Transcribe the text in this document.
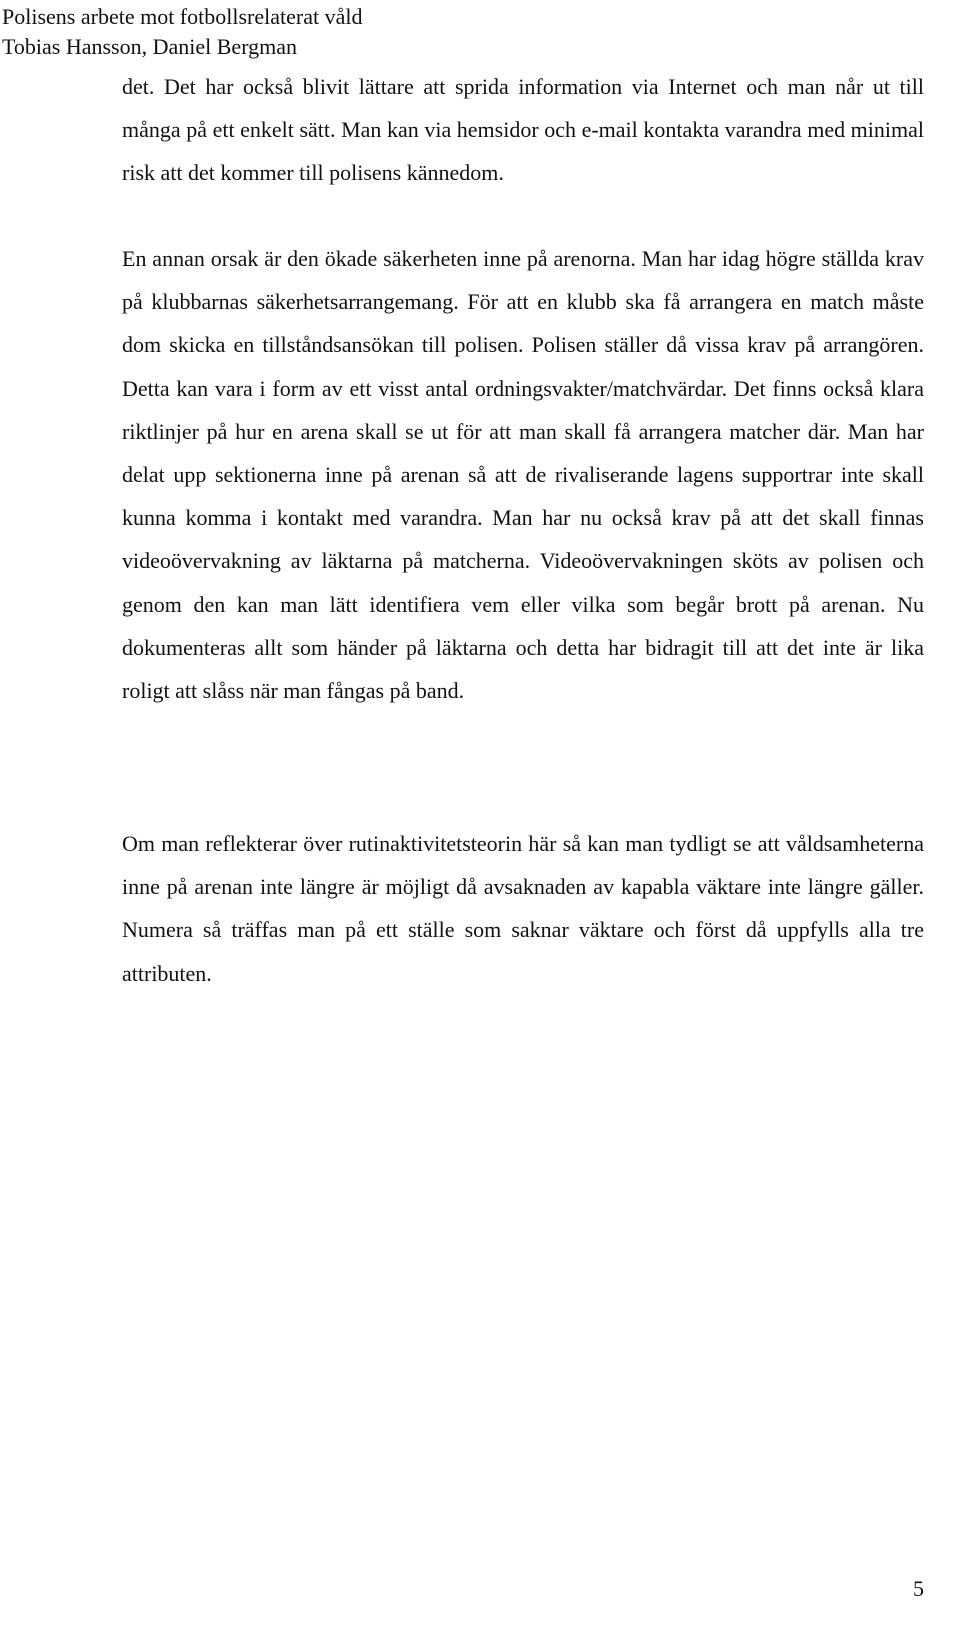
Polisens arbete mot fotbollsrelaterat våld
Tobias Hansson, Daniel Bergman

det. Det har också blivit lättare att sprida information via Internet och man når ut till många på ett enkelt sätt. Man kan via hemsidor och e-mail kontakta varandra med minimal risk att det kommer till polisens kännedom.

En annan orsak är den ökade säkerheten inne på arenorna. Man har idag högre ställda krav på klubbarnas säkerhetsarrangemang. För att en klubb ska få arrangera en match måste dom skicka en tillståndsansökan till polisen. Polisen ställer då vissa krav på arrangören. Detta kan vara i form av ett visst antal ordningsvakter/matchvärdar. Det finns också klara riktlinjer på hur en arena skall se ut för att man skall få arrangera matcher där. Man har delat upp sektionerna inne på arenan så att de rivaliserande lagens supportrar inte skall kunna komma i kontakt med varandra. Man har nu också krav på att det skall finnas videoövervakning av läktarna på matcherna. Videoövervakningen sköts av polisen och genom den kan man lätt identifiera vem eller vilka som begår brott på arenan. Nu dokumenteras allt som händer på läktarna och detta har bidragit till att det inte är lika roligt att slåss när man fångas på band.

Om man reflekterar över rutinaktivitetsteorin här så kan man tydligt se att våldsamheterna inne på arenan inte längre är möjligt då avsaknaden av kapabla väktare inte längre gäller. Numera så träffas man på ett ställe som saknar väktare och först då uppfylls alla tre attributen.

5
